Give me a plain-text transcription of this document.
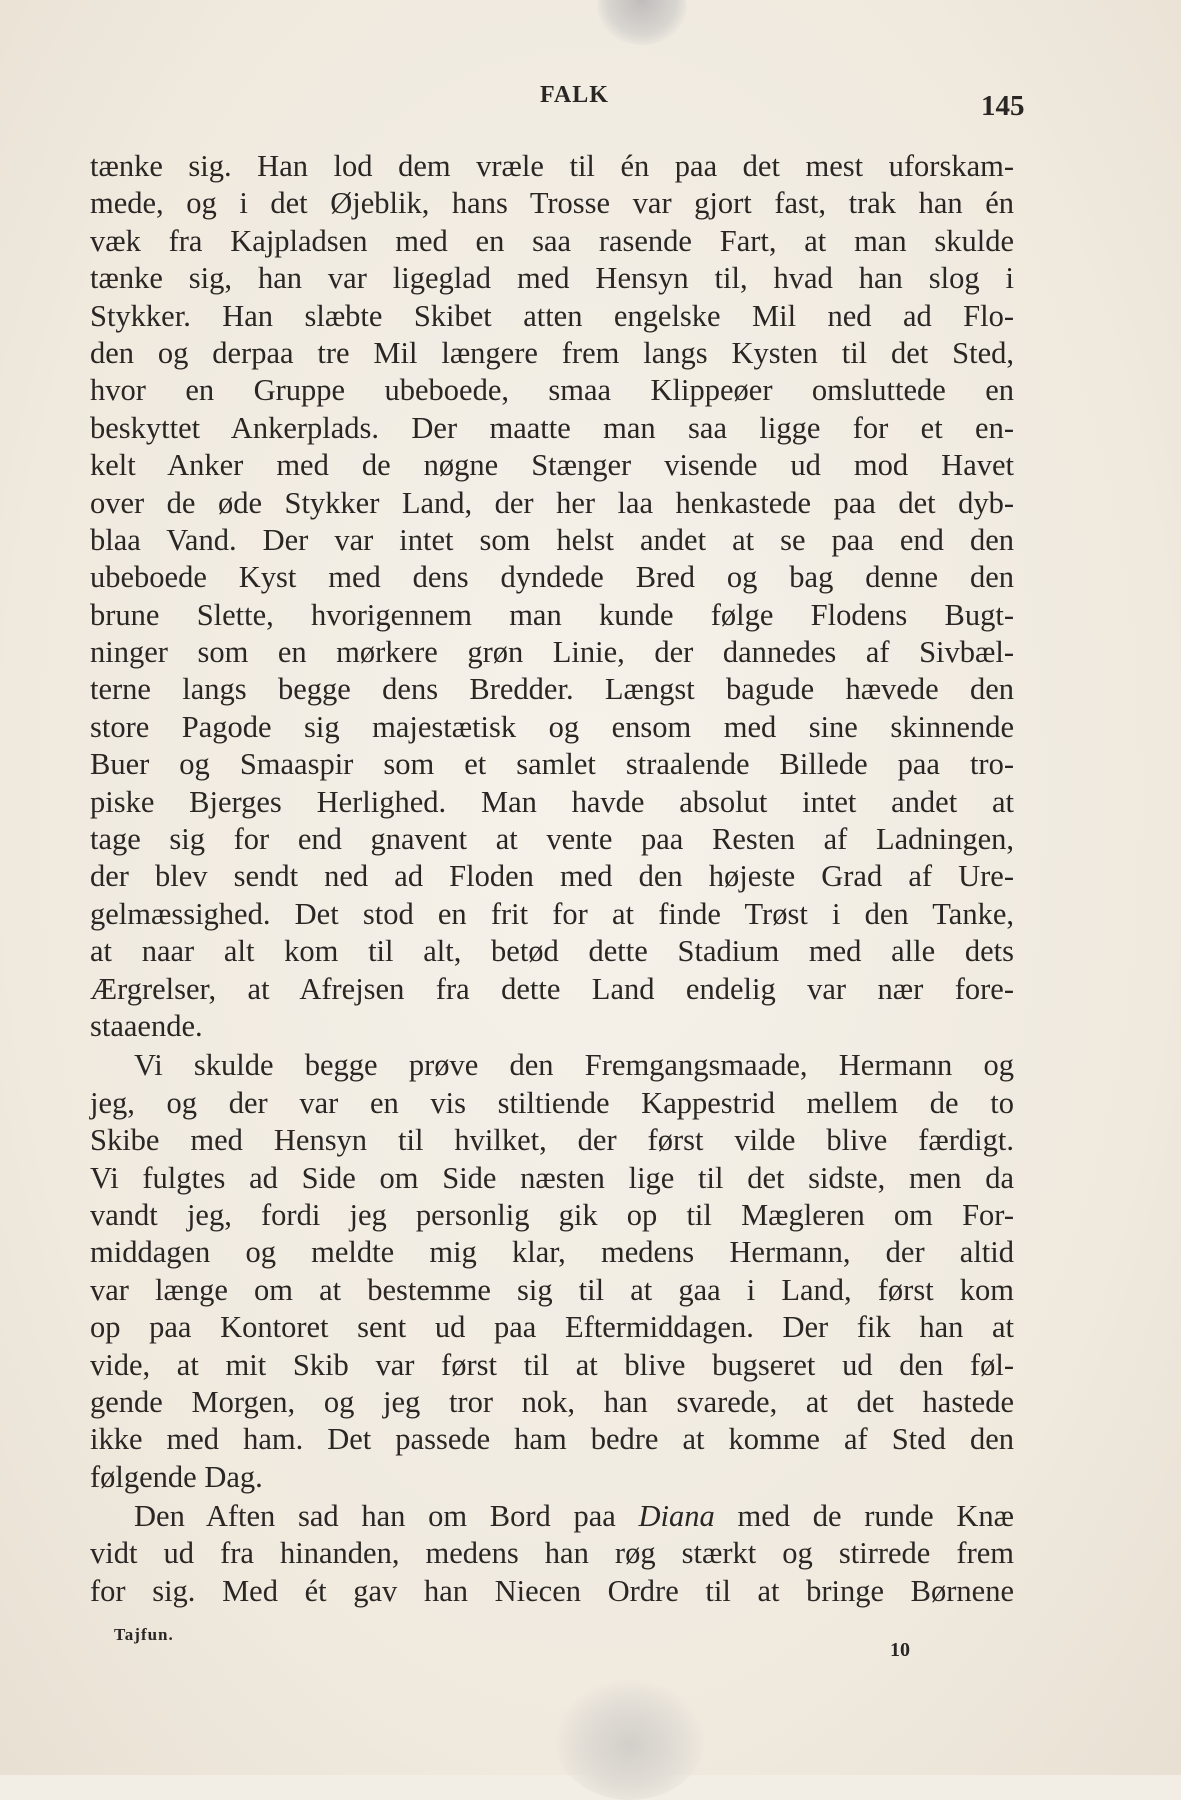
FALK	145
tænke sig. Han lod dem vræle til én paa det mest uforskam-
mede, og i det Øjeblik, hans Trosse var gjort fast, trak han én
væk fra Kajpladsen med en saa rasende Fart, at man skulde
tænke sig, han var ligeglad med Hensyn til, hvad han slog i
Stykker. Han slæbte Skibet atten engelske Mil ned ad Flo-
den og derpaa tre Mil længere frem langs Kysten til det Sted,
hvor en Gruppe ubeboede, smaa Klippeøer omsluttede en
beskyttet Ankerplads. Der maatte man saa ligge for et en-
kelt Anker med de nøgne Stænger visende ud mod Havet
over de øde Stykker Land, der her laa henkastede paa det dyb-
blaa Vand. Der var intet som helst andet at se paa end den
ubeboede Kyst med dens dyndede Bred og bag denne den
brune Slette, hvorigennem man kunde følge Flodens Bugt-
ninger som en mørkere grøn Linie, der dannedes af Sivbæl-
terne langs begge dens Bredder. Længst bagude hævede den
store Pagode sig majestætisk og ensom med sine skinnende
Buer og Smaaspir som et samlet straalende Billede paa tro-
piske Bjerges Herlighed. Man havde absolut intet andet at
tage sig for end gnavent at vente paa Resten af Ladningen,
der blev sendt ned ad Floden med den højeste Grad af Ure-
gelmæssighed. Det stod en frit for at finde Trøst i den Tanke,
at naar alt kom til alt, betød dette Stadium med alle dets
Ærgrelser, at Afrejsen fra dette Land endelig var nær fore-
staaende.
Vi skulde begge prøve den Fremgangsmaade, Hermann og
jeg, og der var en vis stiltiende Kappestrid mellem de to
Skibe med Hensyn til hvilket, der først vilde blive færdigt.
Vi fulgtes ad Side om Side næsten lige til det sidste, men da
vandt jeg, fordi jeg personlig gik op til Mægleren om For-
middagen og meldte mig klar, medens Hermann, der altid
var længe om at bestemme sig til at gaa i Land, først kom
op paa Kontoret sent ud paa Eftermiddagen. Der fik han at
vide, at mit Skib var først til at blive bugseret ud den føl-
gende Morgen, og jeg tror nok, han svarede, at det hastede
ikke med ham. Det passede ham bedre at komme af Sted den
følgende Dag.
Den Aften sad han om Bord paa Diana med de runde Knæ
vidt ud fra hinanden, medens han røg stærkt og stirrede frem
for sig. Med ét gav han Niecen Ordre til at bringe Børnene
Tajfun.
10
